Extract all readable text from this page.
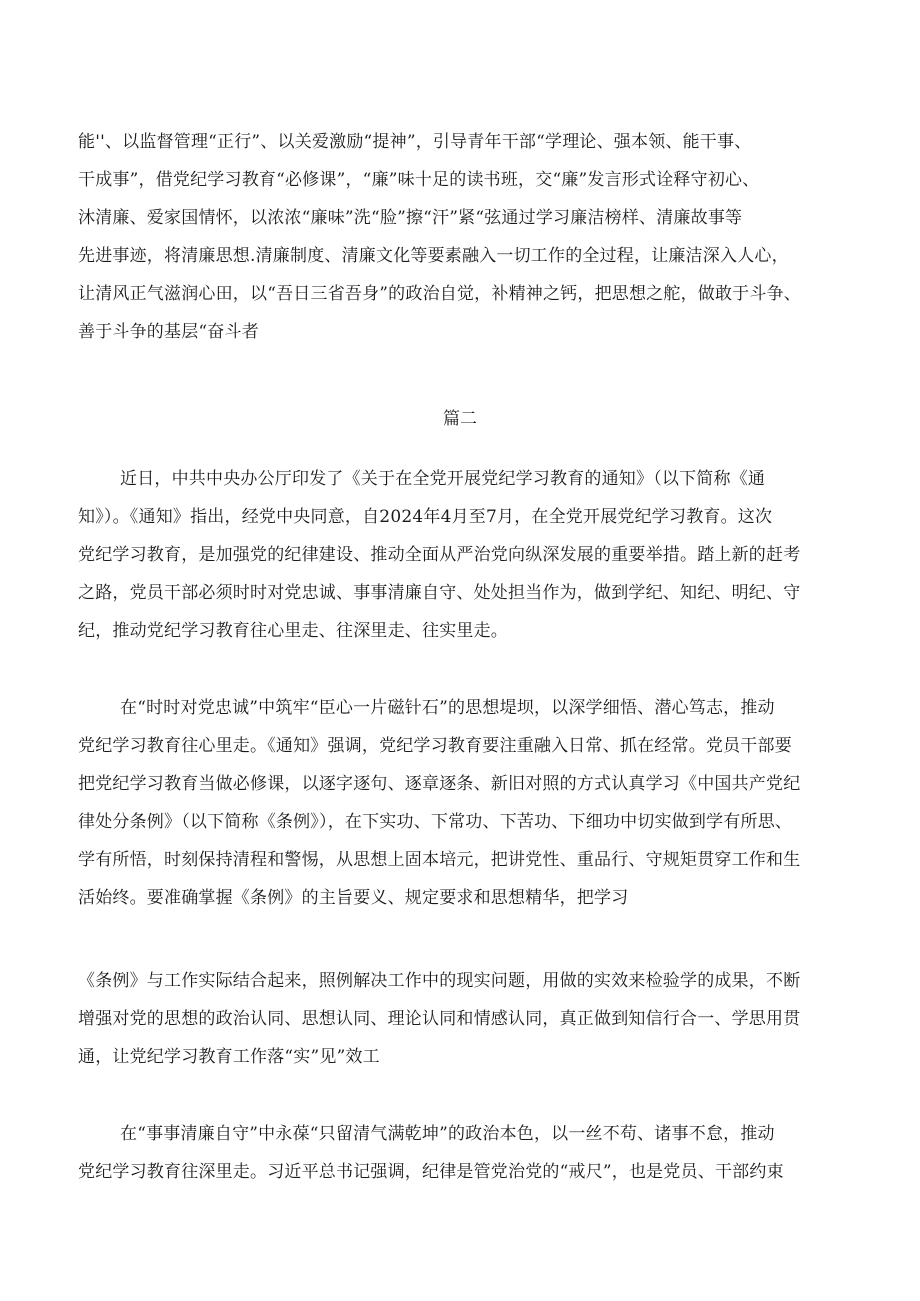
能''、以监督管理“正行”、以关爱激励“提神”，引导青年干部“学理论、强本领、能干事、
干成事”，借党纪学习教育“必修课”，“廉”味十足的读书班，交“廉”发言形式诠释守初心、
沐清廉、爱家国情怀，以浓浓“廉味”洗“脸”擦“汗”紧“弦通过学习廉洁榜样、清廉故事等
先进事迹，将清廉思想.清廉制度、清廉文化等要素融入一切工作的全过程，让廉洁深入人心，
让清风正气滋润心田，以“吾日三省吾身”的政治自觉，补精神之钙，把思想之舵，做敢于斗争、
善于斗争的基层“奋斗者
篇二
近日，中共中央办公厅印发了《关于在全党开展党纪学习教育的通知》（以下简称《通
知》）。《通知》指出，经党中央同意，自2024年4月至7月，在全党开展党纪学习教育。这次
党纪学习教育，是加强党的纪律建设、推动全面从严治党向纵深发展的重要举措。踏上新的赶考
之路，党员干部必须时时对党忠诚、事事清廉自守、处处担当作为，做到学纪、知纪、明纪、守
纪，推动党纪学习教育往心里走、往深里走、往实里走。
在“时时对党忠诚”中筑牢“臣心一片磁针石”的思想堤坝，以深学细悟、潜心笃志，推动
党纪学习教育往心里走。《通知》强调，党纪学习教育要注重融入日常、抓在经常。党员干部要
把党纪学习教育当做必修课，以逐字逐句、逐章逐条、新旧对照的方式认真学习《中国共产党纪
律处分条例》（以下简称《条例》），在下实功、下常功、下苦功、下细功中切实做到学有所思、
学有所悟，时刻保持清程和警惕，从思想上固本培元，把讲党性、重品行、守规矩贯穿工作和生
活始终。要准确掌握《条例》的主旨要义、规定要求和思想精华，把学习
《条例》与工作实际结合起来，照例解决工作中的现实问题，用做的实效来检验学的成果，不断
增强对党的思想的政治认同、思想认同、理论认同和情感认同，真正做到知信行合一、学思用贯
通，让党纪学习教育工作落“实”见”效工
在“事事清廉自守”中永葆“只留清气满乾坤”的政治本色，以一丝不苟、诸事不怠，推动
党纪学习教育往深里走。习近平总书记强调，纪律是管党治党的“戒尺”，也是党员、干部约束
